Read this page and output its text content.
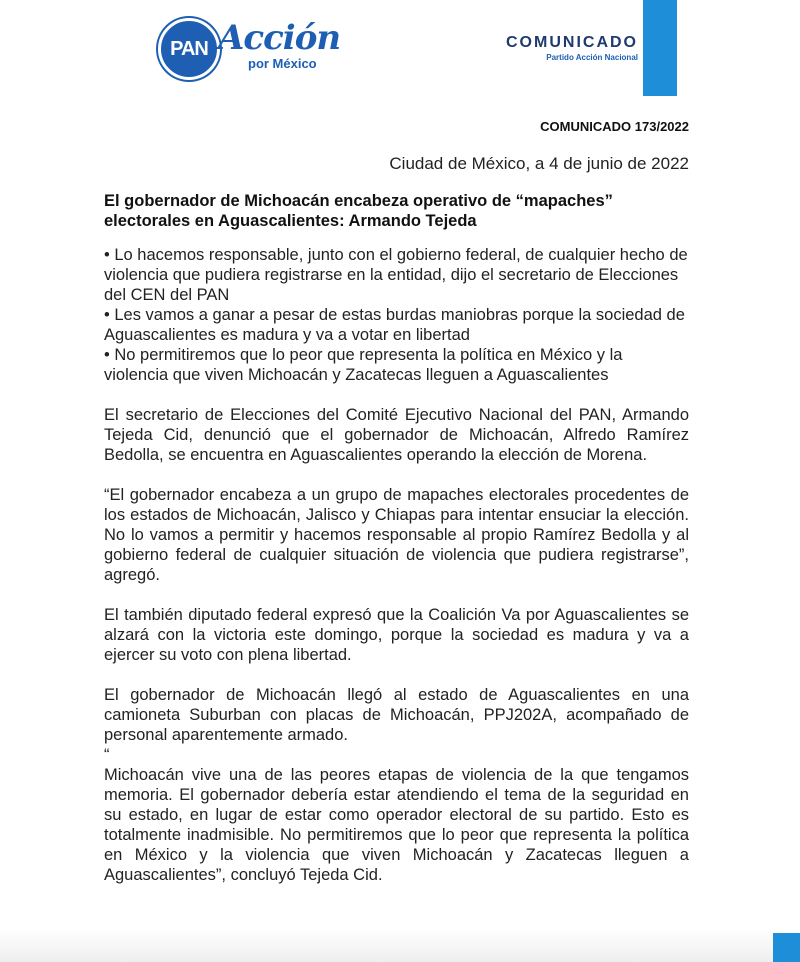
PAN Acción
por México
COMUNICADO
Partido Acción Nacional
COMUNICADO 173/2022
Ciudad de México, a 4 de junio de 2022

El gobernador de Michoacán encabeza operativo de “mapaches” electorales en Aguascalientes: Armando Tejeda

• Lo hacemos responsable, junto con el gobierno federal, de cualquier hecho de violencia que pudiera registrarse en la entidad, dijo el secretario de Elecciones del CEN del PAN

• Les vamos a ganar a pesar de estas burdas maniobras porque la sociedad de Aguascalientes es madura y va a votar en libertad

• No permitiremos que lo peor que representa la política en México y la violencia que viven Michoacán y Zacatecas lleguen a Aguascalientes

El secretario de Elecciones del Comité Ejecutivo Nacional del PAN, Armando Tejeda Cid, denunció que el gobernador de Michoacán, Alfredo Ramírez Bedolla, se encuentra en Aguascalientes operando la elección de Morena.

“El gobernador encabeza a un grupo de mapaches electorales procedentes de los estados de Michoacán, Jalisco y Chiapas para intentar ensuciar la elección. No lo vamos a permitir y hacemos responsable al propio Ramírez Bedolla y al gobierno federal de cualquier situación de violencia que pudiera registrarse”, agregó.

El también diputado federal expresó que la Coalición Va por Aguascalientes se alzará con la victoria este domingo, porque la sociedad es madura y va a ejercer su voto con plena libertad.

El gobernador de Michoacán llegó al estado de Aguascalientes en una camioneta Suburban con placas de Michoacán, PPJ202A, acompañado de personal aparentemente armado.

“

Michoacán vive una de las peores etapas de violencia de la que tengamos memoria. El gobernador debería estar atendiendo el tema de la seguridad en su estado, en lugar de estar como operador electoral de su partido. Esto es totalmente inadmisible. No permitiremos que lo peor que representa la política en México y la violencia que viven Michoacán y Zacatecas lleguen a Aguascalientes”, concluyó Tejeda Cid.
